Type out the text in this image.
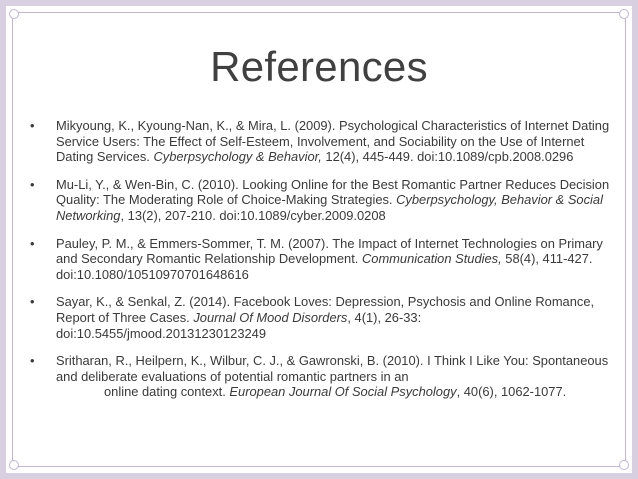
References
• Mikyoung, K., Kyoung-Nan, K., & Mira, L. (2009). Psychological Characteristics of Internet Dating Service Users: The Effect of Self-Esteem, Involvement, and Sociability on the Use of Internet Dating Services. Cyberpsychology & Behavior, 12(4), 445-449. doi:10.1089/cpb.2008.0296
• Mu-Li, Y., & Wen-Bin, C. (2010). Looking Online for the Best Romantic Partner Reduces Decision Quality: The Moderating Role of Choice-Making Strategies. Cyberpsychology, Behavior & Social Networking, 13(2), 207-210. doi:10.1089/cyber.2009.0208
• Pauley, P. M., & Emmers-Sommer, T. M. (2007). The Impact of Internet Technologies on Primary and Secondary Romantic Relationship Development. Communication Studies, 58(4), 411-427. doi:10.1080/10510970701648616
• Sayar, K., & Senkal, Z. (2014). Facebook Loves: Depression, Psychosis and Online Romance, Report of Three Cases. Journal Of Mood Disorders, 4(1), 26-33: doi:10.5455/jmood.20131230123249
• Sritharan, R., Heilpern, K., Wilbur, C. J., & Gawronski, B. (2010). I Think I Like You: Spontaneous and deliberate evaluations of potential romantic partners in an
online dating context. European Journal Of Social Psychology, 40(6), 1062-1077.
